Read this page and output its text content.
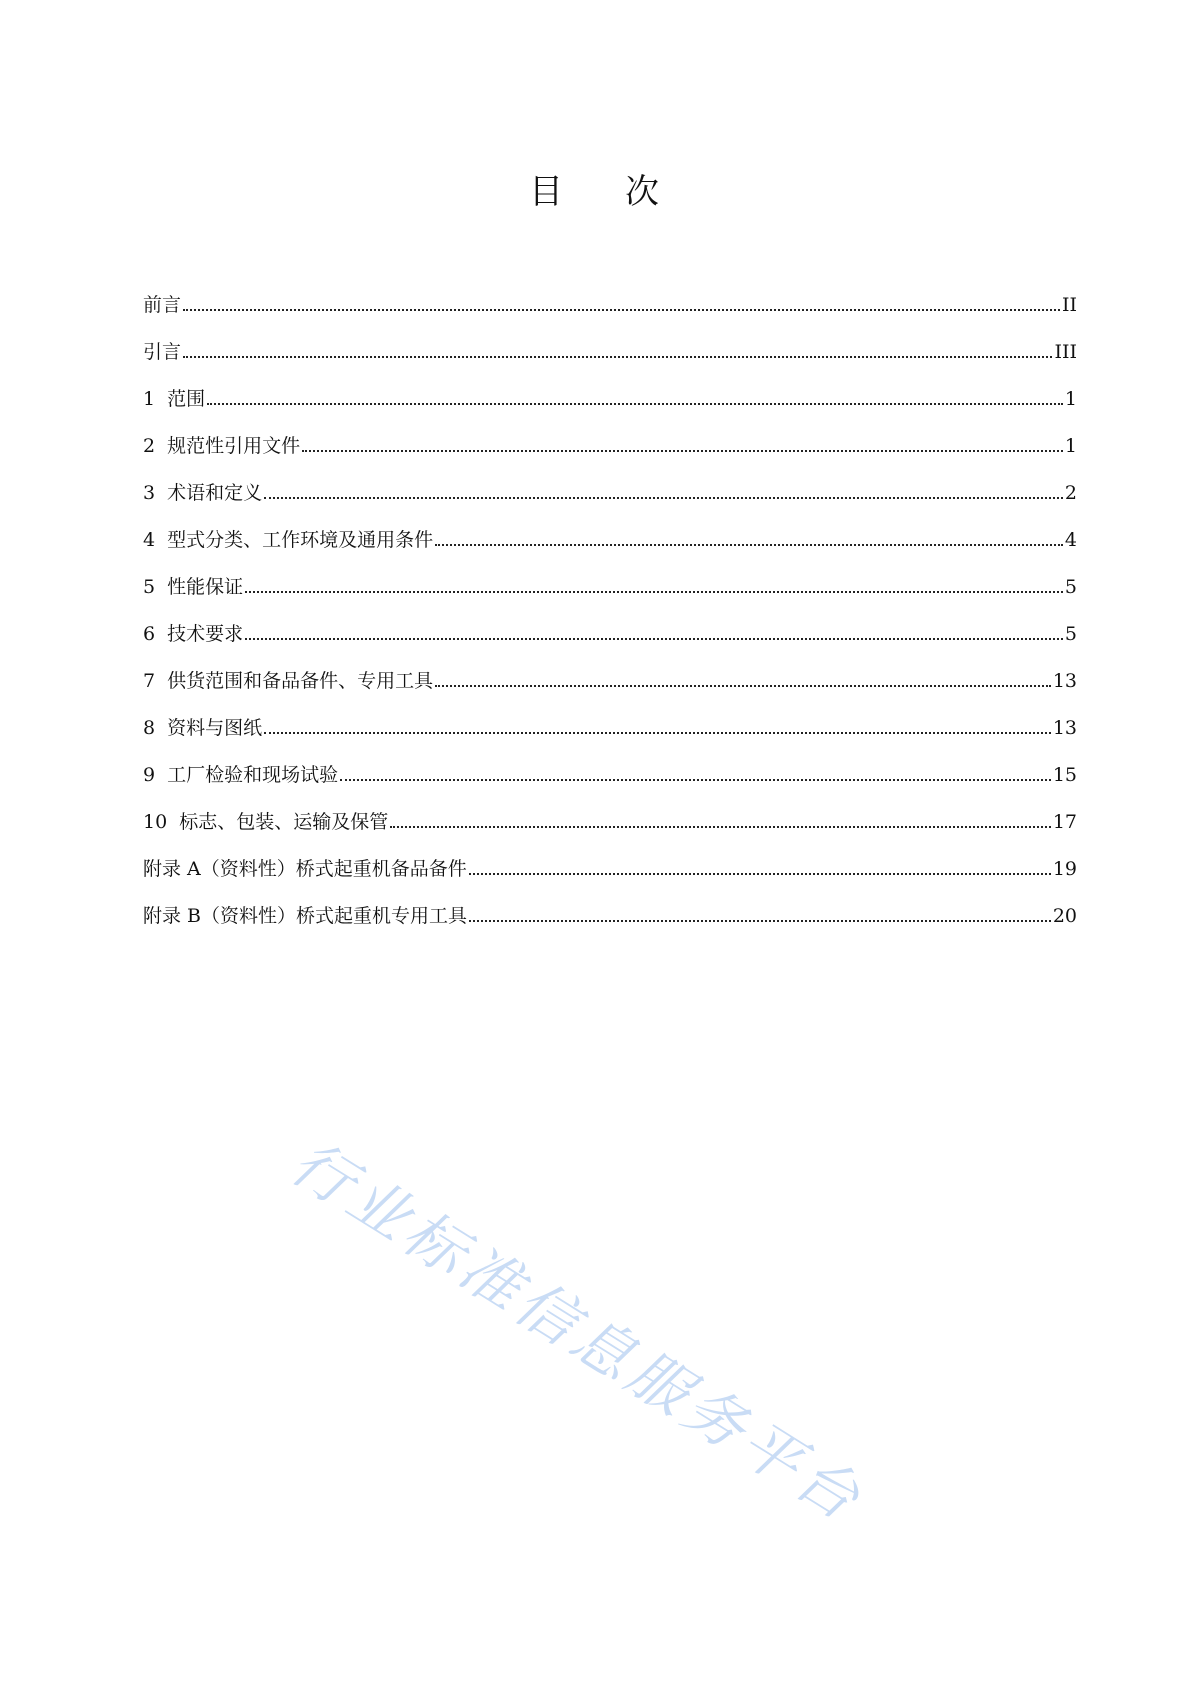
目 次
前言	II
引言	III
1 范围	1
2 规范性引用文件	1
3 术语和定义	2
4 型式分类、工作环境及通用条件	4
5 性能保证	5
6 技术要求	5
7 供货范围和备品备件、专用工具	13
8 资料与图纸	13
9 工厂检验和现场试验	15
10 标志、包装、运输及保管	17
附录 A（资料性）桥式起重机备品备件	19
附录 B（资料性）桥式起重机专用工具	20
行业标准信息服务平台
